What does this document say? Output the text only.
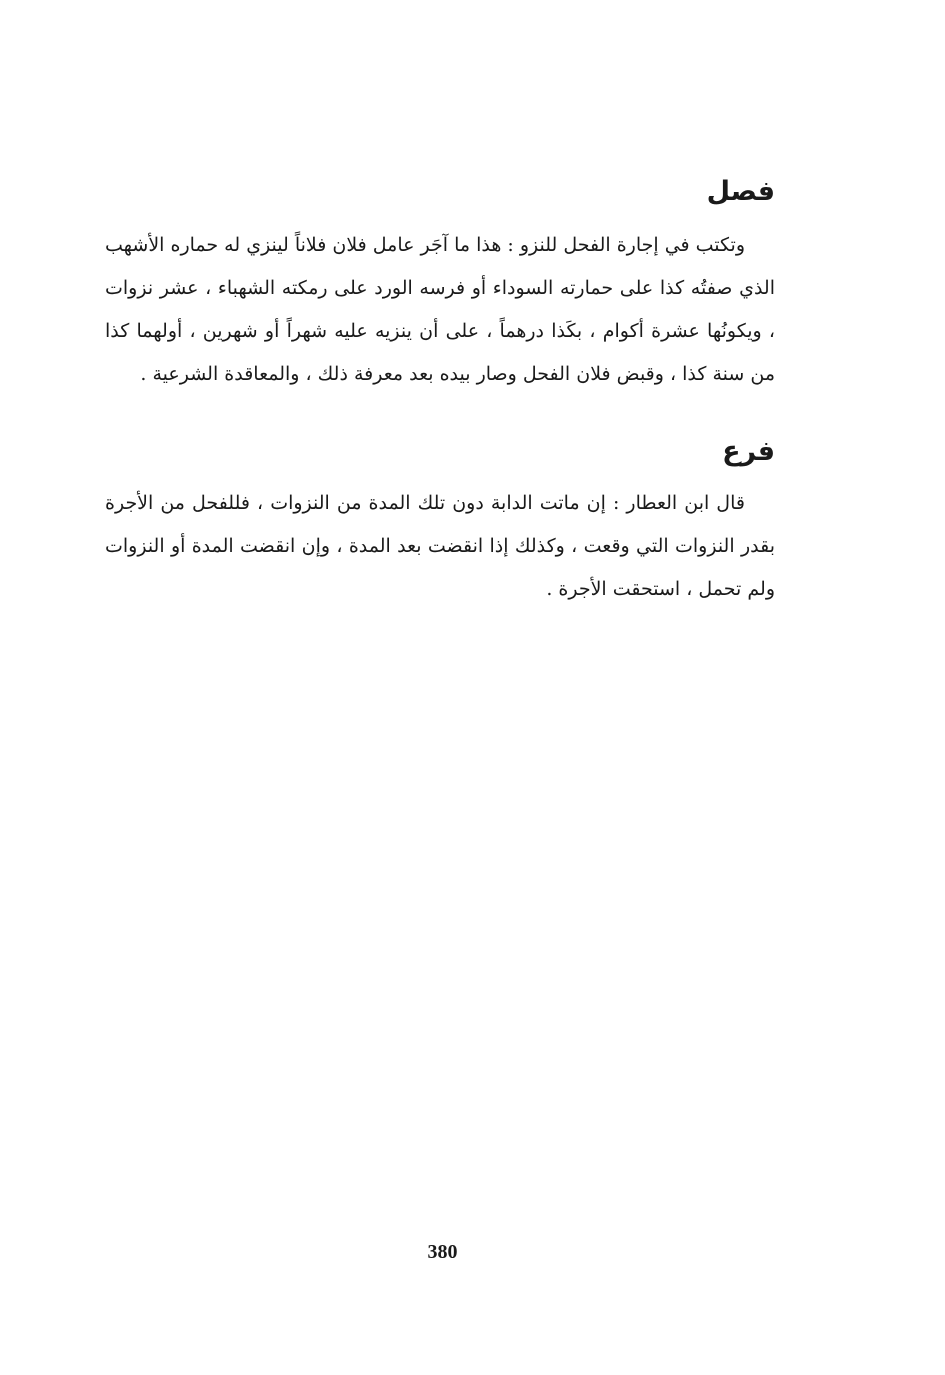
فصل

وتكتب في إجارة الفحل للنزو : هذا ما آجَر عامل فلان فلاناً لينزي له حماره الأشهب الذي صفتُه كذا على حمارته السوداء أو فرسه الورد على رمكته الشهباء ، عشر نزوات ، ويكونُها عشرة أكوام ، بكَذا درهماً ، على أن ينزيه عليه شهراً أو شهرين ، أولهما كذا من سنة كذا ، وقبض فلان الفحل وصار بيده بعد معرفة ذلك ، والمعاقدة الشرعية .

فرع

قال ابن العطار : إن ماتت الدابة دون تلك المدة من النزوات ، فللفحل من الأجرة بقدر النزوات التي وقعت ، وكذلك إذا انقضت بعد المدة ، وإن انقضت المدة أو النزوات ولم تحمل ، استحقت الأجرة .

380
